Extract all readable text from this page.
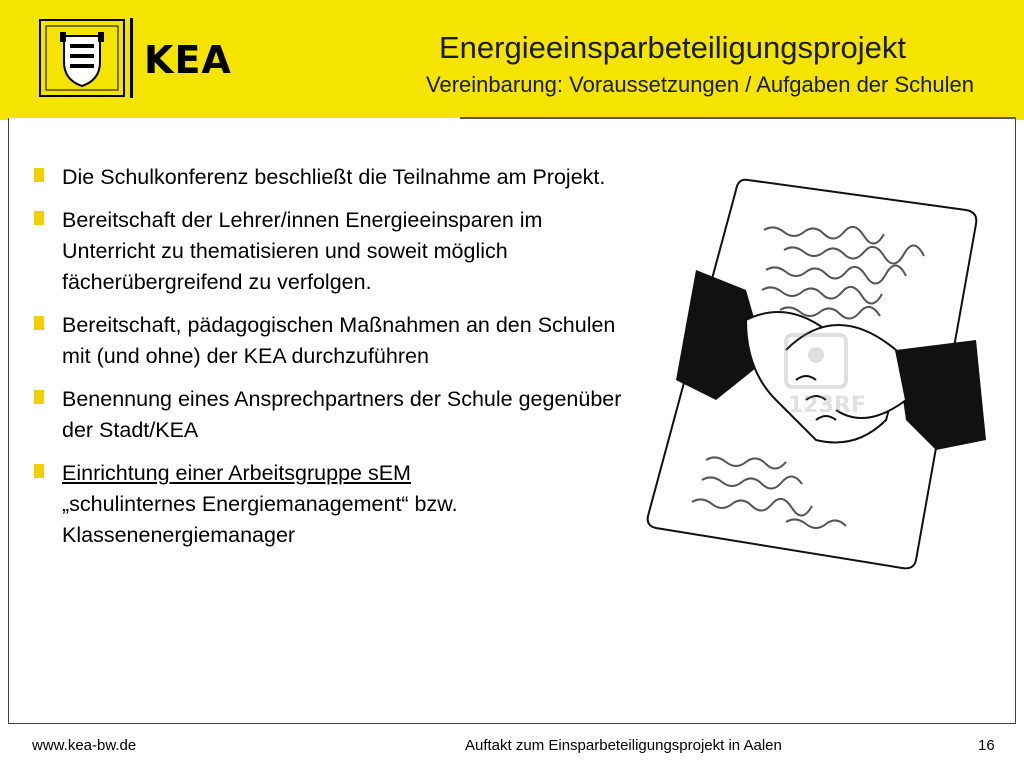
KEA	Energieeinsparbeteiligungsprojekt
Vereinbarung: Voraussetzungen / Aufgaben der Schulen
Die Schulkonferenz beschließt die Teilnahme am Projekt.
Bereitschaft der Lehrer/innen Energieeinsparen im Unterricht zu thematisieren und soweit möglich fächerübergreifend zu verfolgen.
Bereitschaft, pädagogischen Maßnahmen an den Schulen mit (und ohne) der KEA durchzuführen
Benennung eines Ansprechpartners der Schule gegenüber der Stadt/KEA
Einrichtung einer Arbeitsgruppe sEM
„schulinternes Energiemanagement“ bzw. Klassenenergiemanager
123RF
www.kea-bw.de	Auftakt zum Einsparbeteiligungsprojekt in Aalen	16
